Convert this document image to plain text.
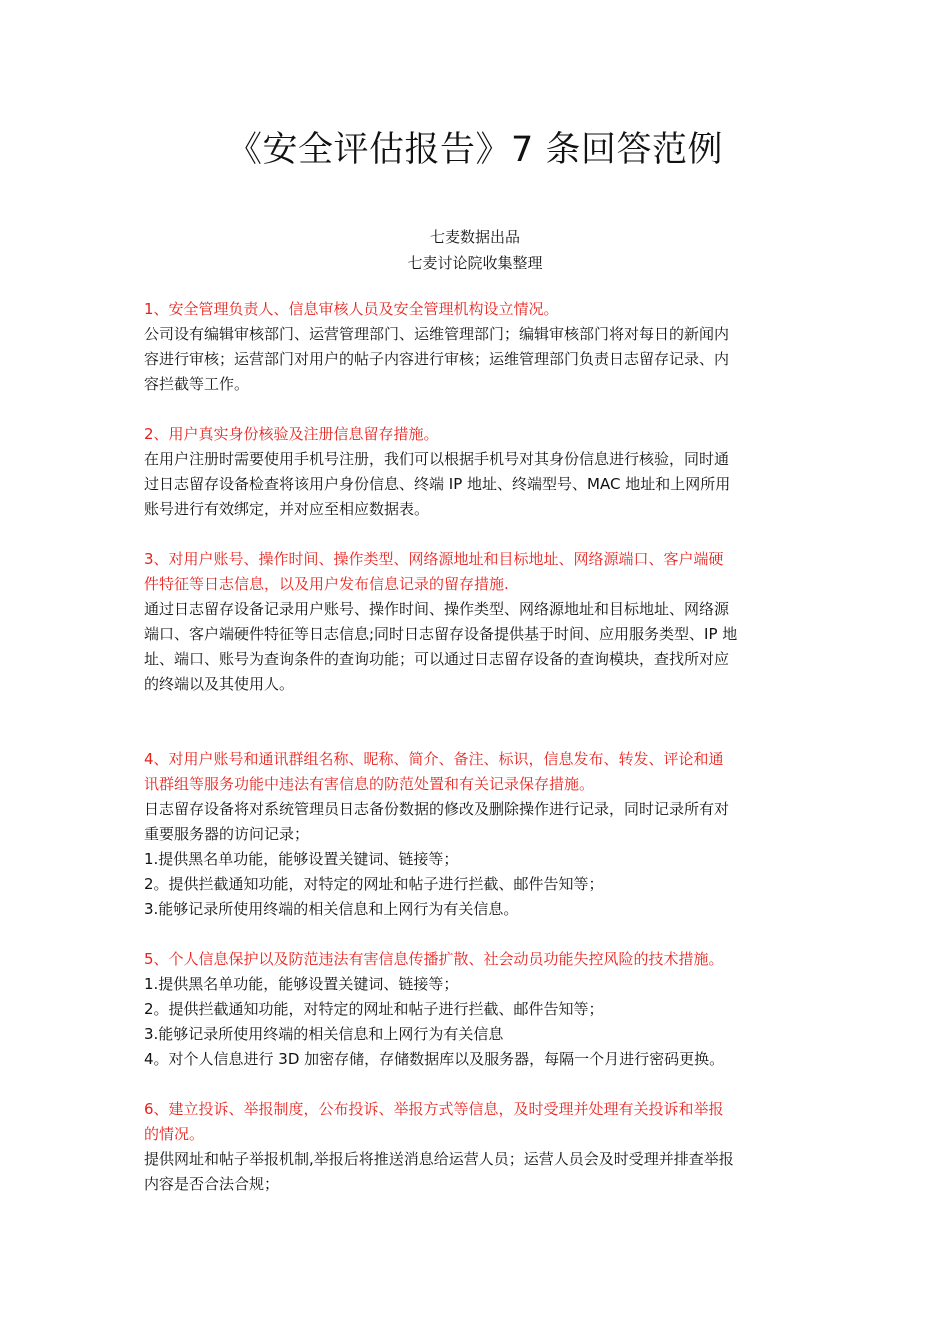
《安全评估报告》7 条回答范例
七麦数据出品
七麦讨论院收集整理

1、安全管理负责人、信息审核人员及安全管理机构设立情况。

公司设有编辑审核部门、运营管理部门、运维管理部门；编辑审核部门将对每日的新闻内

容进行审核；运营部门对用户的帖子内容进行审核；运维管理部门负责日志留存记录、内

容拦截等工作。

2、用户真实身份核验及注册信息留存措施。

在用户注册时需要使用手机号注册，我们可以根据手机号对其身份信息进行核验，同时通

过日志留存设备检查将该用户身份信息、终端 IP 地址、终端型号、MAC 地址和上网所用

账号进行有效绑定，并对应至相应数据表。

3、对用户账号、操作时间、操作类型、网络源地址和目标地址、网络源端口、客户端硬

件特征等日志信息，以及用户发布信息记录的留存措施.

通过日志留存设备记录用户账号、操作时间、操作类型、网络源地址和目标地址、网络源

端口、客户端硬件特征等日志信息;同时日志留存设备提供基于时间、应用服务类型、IP 地

址、端口、账号为查询条件的查询功能；可以通过日志留存设备的查询模块，查找所对应

的终端以及其使用人。

4、对用户账号和通讯群组名称、昵称、简介、备注、标识，信息发布、转发、评论和通

讯群组等服务功能中违法有害信息的防范处置和有关记录保存措施。

日志留存设备将对系统管理员日志备份数据的修改及删除操作进行记录，同时记录所有对

重要服务器的访问记录；

1.提供黑名单功能，能够设置关键词、链接等；

2。提供拦截通知功能，对特定的网址和帖子进行拦截、邮件告知等；

3.能够记录所使用终端的相关信息和上网行为有关信息。

5、个人信息保护以及防范违法有害信息传播扩散、社会动员功能失控风险的技术措施。

1.提供黑名单功能，能够设置关键词、链接等；

2。提供拦截通知功能，对特定的网址和帖子进行拦截、邮件告知等；

3.能够记录所使用终端的相关信息和上网行为有关信息

4。对个人信息进行 3D 加密存储，存储数据库以及服务器，每隔一个月进行密码更换。

6、建立投诉、举报制度，公布投诉、举报方式等信息，及时受理并处理有关投诉和举报

的情况。

提供网址和帖子举报机制,举报后将推送消息给运营人员；运营人员会及时受理并排查举报

内容是否合法合规；
